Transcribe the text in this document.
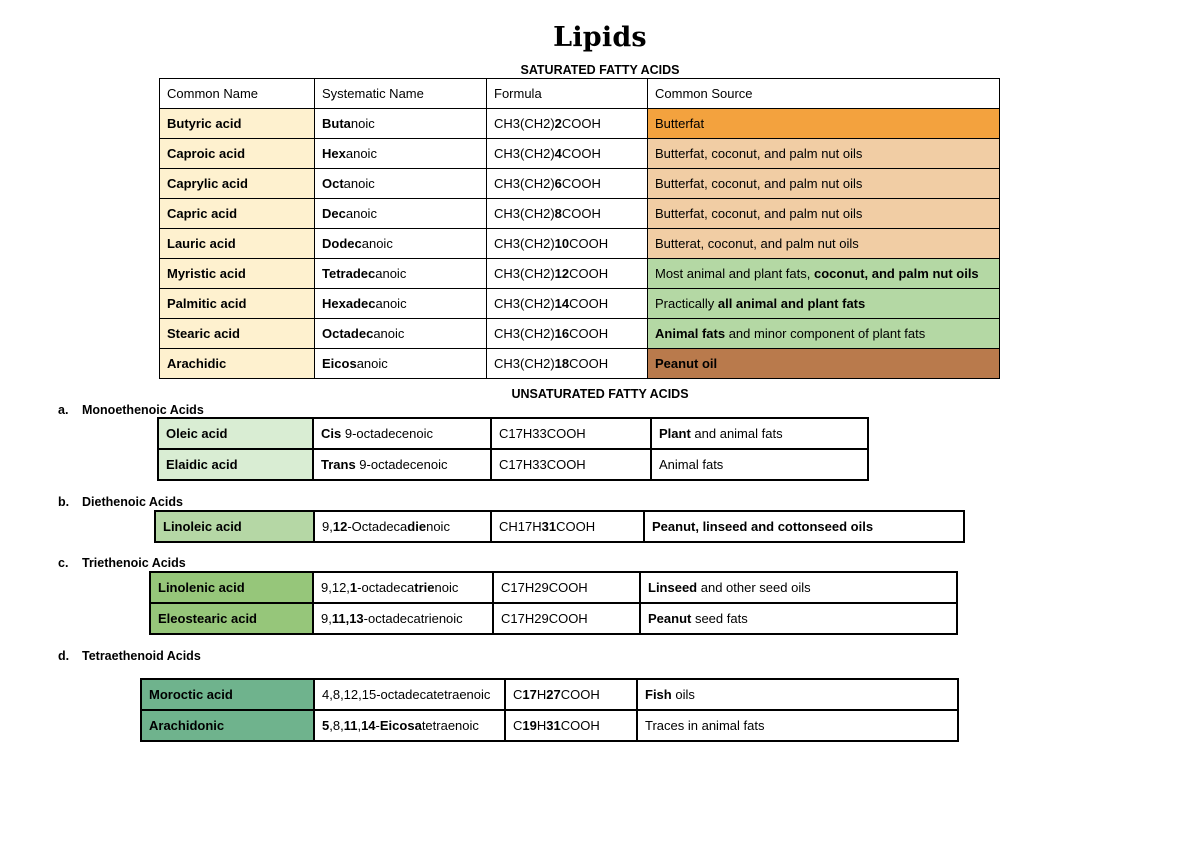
Lipids
SATURATED FATTY ACIDS
Common Name	Systematic Name	Formula	Common Source
Butyric acid	Butanoic	CH3(CH2)2COOH	Butterfat
Caproic acid	Hexanoic	CH3(CH2)4COOH	Butterfat, coconut, and palm nut oils
Caprylic acid	Octanoic	CH3(CH2)6COOH	Butterfat, coconut, and palm nut oils
Capric acid	Decanoic	CH3(CH2)8COOH	Butterfat, coconut, and palm nut oils
Lauric acid	Dodecanoic	CH3(CH2)10COOH	Butterat, coconut, and palm nut oils
Myristic acid	Tetradecanoic	CH3(CH2)12COOH	Most animal and plant fats, coconut, and palm nut oils
Palmitic acid	Hexadecanoic	CH3(CH2)14COOH	Practically all animal and plant fats
Stearic acid	Octadecanoic	CH3(CH2)16COOH	Animal fats and minor component of plant fats
Arachidic	Eicosanoic	CH3(CH2)18COOH	Peanut oil
UNSATURATED FATTY ACIDS
a. Monoethenoic Acids
Oleic acid	Cis 9-octadecenoic	C17H33COOH	Plant and animal fats
Elaidic acid	Trans 9-octadecenoic	C17H33COOH	Animal fats
b. Diethenoic Acids
Linoleic acid	9,12-Octadecadienoic	CH17H31COOH	Peanut, linseed and cottonseed oils
c. Triethenoic Acids
Linolenic acid	9,12,1-octadecatrienoic	C17H29COOH	Linseed and other seed oils
Eleostearic acid	9,11,13-octadecatrienoic	C17H29COOH	Peanut seed fats
d. Tetraethenoid Acids
Moroctic acid	4,8,12,15-octadecatetraenoic	C17H27COOH	Fish oils
Arachidonic	5,8,11,14-Eicosatetraenoic	C19H31COOH	Traces in animal fats
